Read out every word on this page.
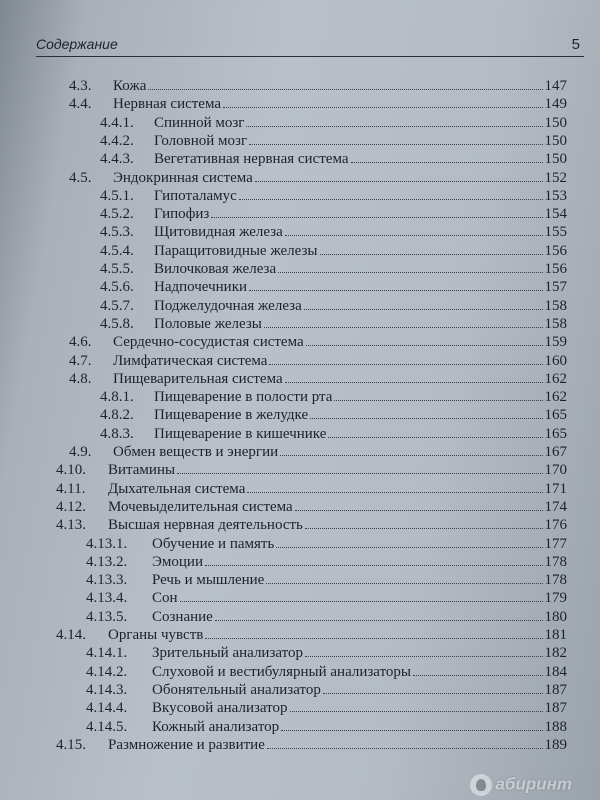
Содержание	5
4.3.	Кожа	147
4.4.	Нервная система	149
4.4.1.	Спинной мозг	150
4.4.2.	Головной мозг	150
4.4.3.	Вегетативная нервная система	150
4.5.	Эндокринная система	152
4.5.1.	Гипоталамус	153
4.5.2.	Гипофиз	154
4.5.3.	Щитовидная железа	155
4.5.4.	Паращитовидные железы	156
4.5.5.	Вилочковая железа	156
4.5.6.	Надпочечники	157
4.5.7.	Поджелудочная железа	158
4.5.8.	Половые железы	158
4.6.	Сердечно-сосудистая система	159
4.7.	Лимфатическая система	160
4.8.	Пищеварительная система	162
4.8.1.	Пищеварение в полости рта	162
4.8.2.	Пищеварение в желудке	165
4.8.3.	Пищеварение в кишечнике	165
4.9.	Обмен веществ и энергии	167
4.10.	Витамины	170
4.11.	Дыхательная система	171
4.12.	Мочевыделительная система	174
4.13.	Высшая нервная деятельность	176
4.13.1.	Обучение и память	177
4.13.2.	Эмоции	178
4.13.3.	Речь и мышление	178
4.13.4.	Сон	179
4.13.5.	Сознание	180
4.14.	Органы чувств	181
4.14.1.	Зрительный анализатор	182
4.14.2.	Слуховой и вестибулярный анализаторы	184
4.14.3.	Обонятельный анализатор	187
4.14.4.	Вкусовой анализатор	187
4.14.5.	Кожный анализатор	188
4.15.	Размножение и развитие	189
абиринт
